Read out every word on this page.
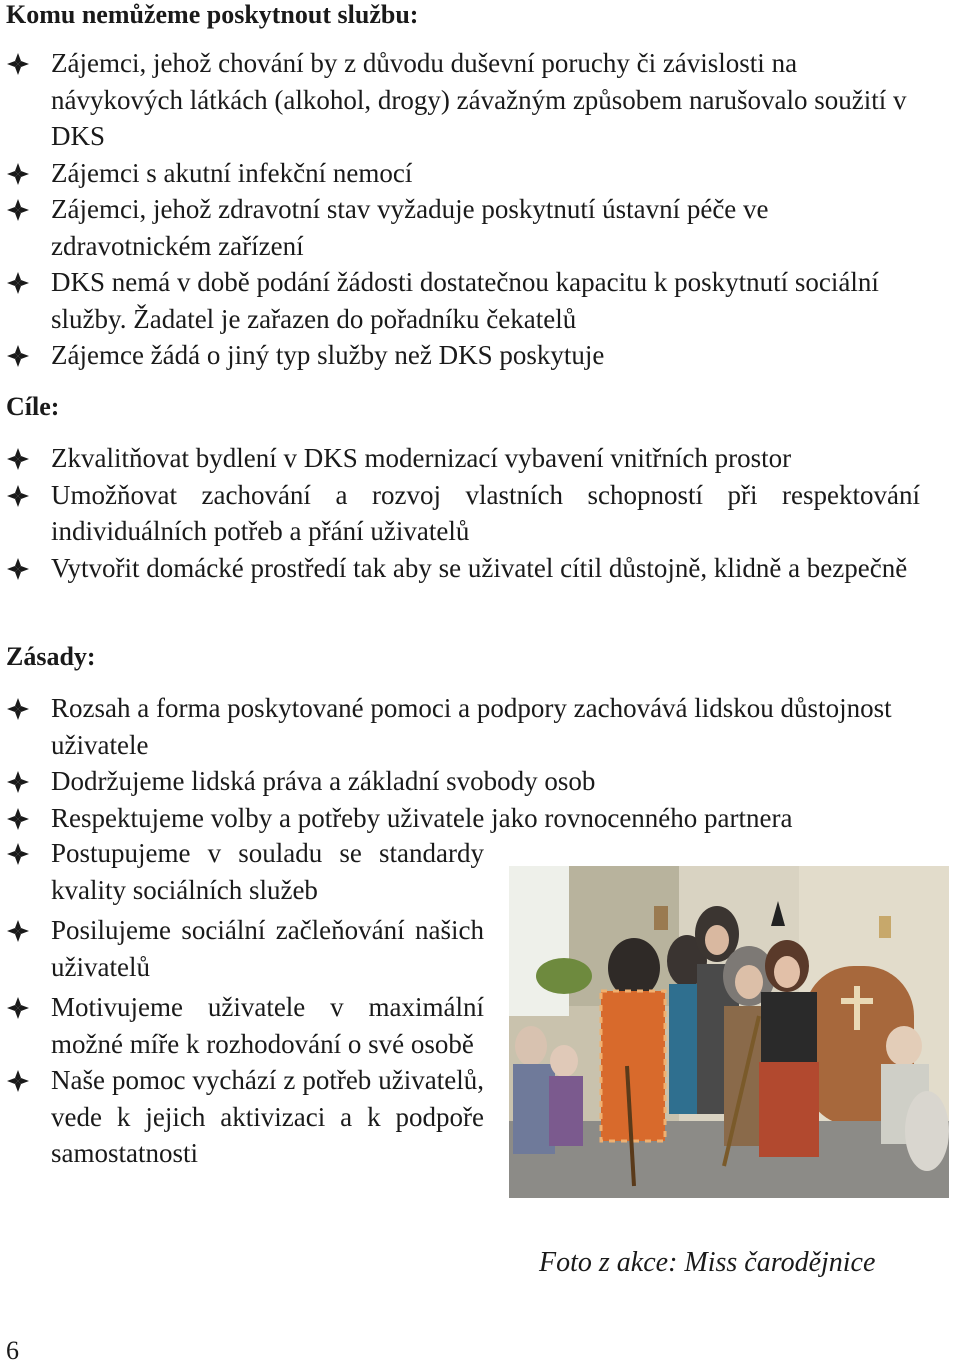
Komu nemůžeme poskytnout službu:
Zájemci, jehož chování by z důvodu duševní poruchy či závislosti na návykových látkách (alkohol, drogy) závažným způsobem narušovalo soužití v DKS
Zájemci s akutní infekční nemocí
Zájemci, jehož zdravotní stav vyžaduje poskytnutí ústavní péče ve zdravotnickém zařízení
DKS nemá v době podání žádosti dostatečnou kapacitu k poskytnutí sociální služby. Žadatel je zařazen do pořadníku čekatelů
Zájemce žádá o jiný typ služby než DKS poskytuje
Cíle:
Zkvalitňovat bydlení v DKS modernizací vybavení vnitřních prostor
Umožňovat zachování a rozvoj vlastních schopností při respektování individuálních potřeb a přání uživatelů
Vytvořit domácké prostředí tak aby se uživatel cítil důstojně, klidně a bezpečně
Zásady:
Rozsah a forma poskytované pomoci a podpory zachovává lidskou důstojnost uživatele
Dodržujeme lidská práva a základní svobody osob
Respektujeme volby a potřeby uživatele jako rovnocenného partnera
Postupujeme v souladu se standardy kvality sociálních služeb
Posilujeme sociální začleňování našich uživatelů
Motivujeme uživatele v maximální možné míře k rozhodování o své osobě
Naše pomoc vychází z potřeb uživatelů, vede k jejich aktivizaci a k podpoře samostatnosti
Foto z akce: Miss čarodějnice
6
